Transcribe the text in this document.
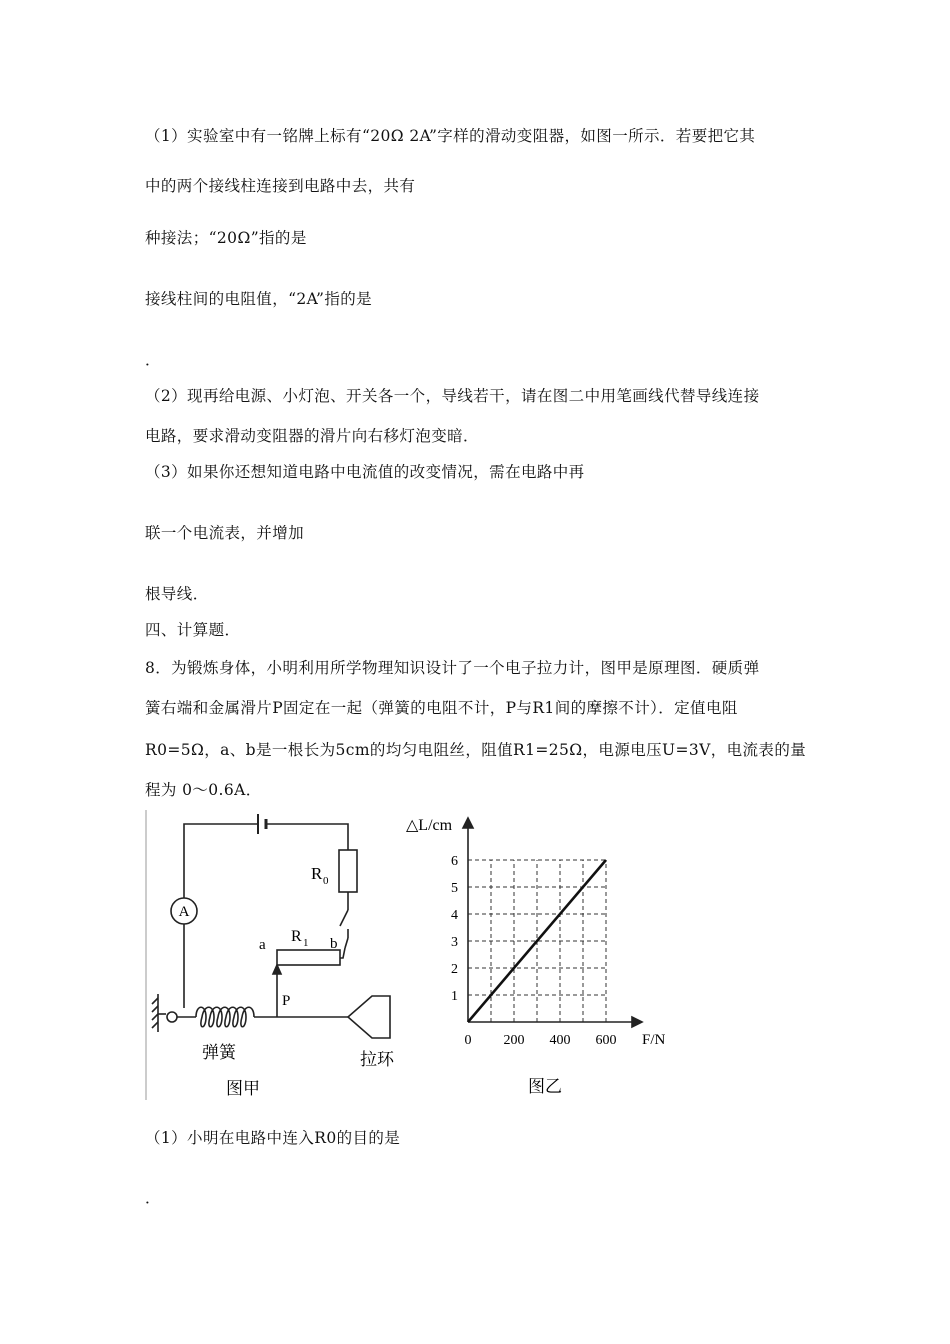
（1）实验室中有一铭牌上标有“20Ω 2A”字样的滑动变阻器，如图一所示．若要把它其
中的两个接线柱连接到电路中去，共有
种接法；“20Ω”指的是
接线柱间的电阻值，“2A”指的是
．
（2）现再给电源、小灯泡、开关各一个，导线若干，请在图二中用笔画线代替导线连接
电路，要求滑动变阻器的滑片向右移灯泡变暗．
（3）如果你还想知道电路中电流值的改变情况，需在电路中再
联一个电流表，并增加
根导线．
四、计算题．
8．为锻炼身体，小明利用所学物理知识设计了一个电子拉力计，图甲是原理图．硬质弹
簧右端和金属滑片P固定在一起（弹簧的电阻不计，P与R1间的摩擦不计）．定值电阻
R0=5Ω，a、b是一根长为5cm的均匀电阻丝，阻值R1=25Ω，电源电压U=3V，电流表的量
程为 0～0.6A．
A
R 0
R 1
a	b
P
弹簧	拉环
图甲
0 200 400 600
1
2
3
4
5
6
△L/cm
F/N
图乙
（1）小明在电路中连入R0的目的是
．
